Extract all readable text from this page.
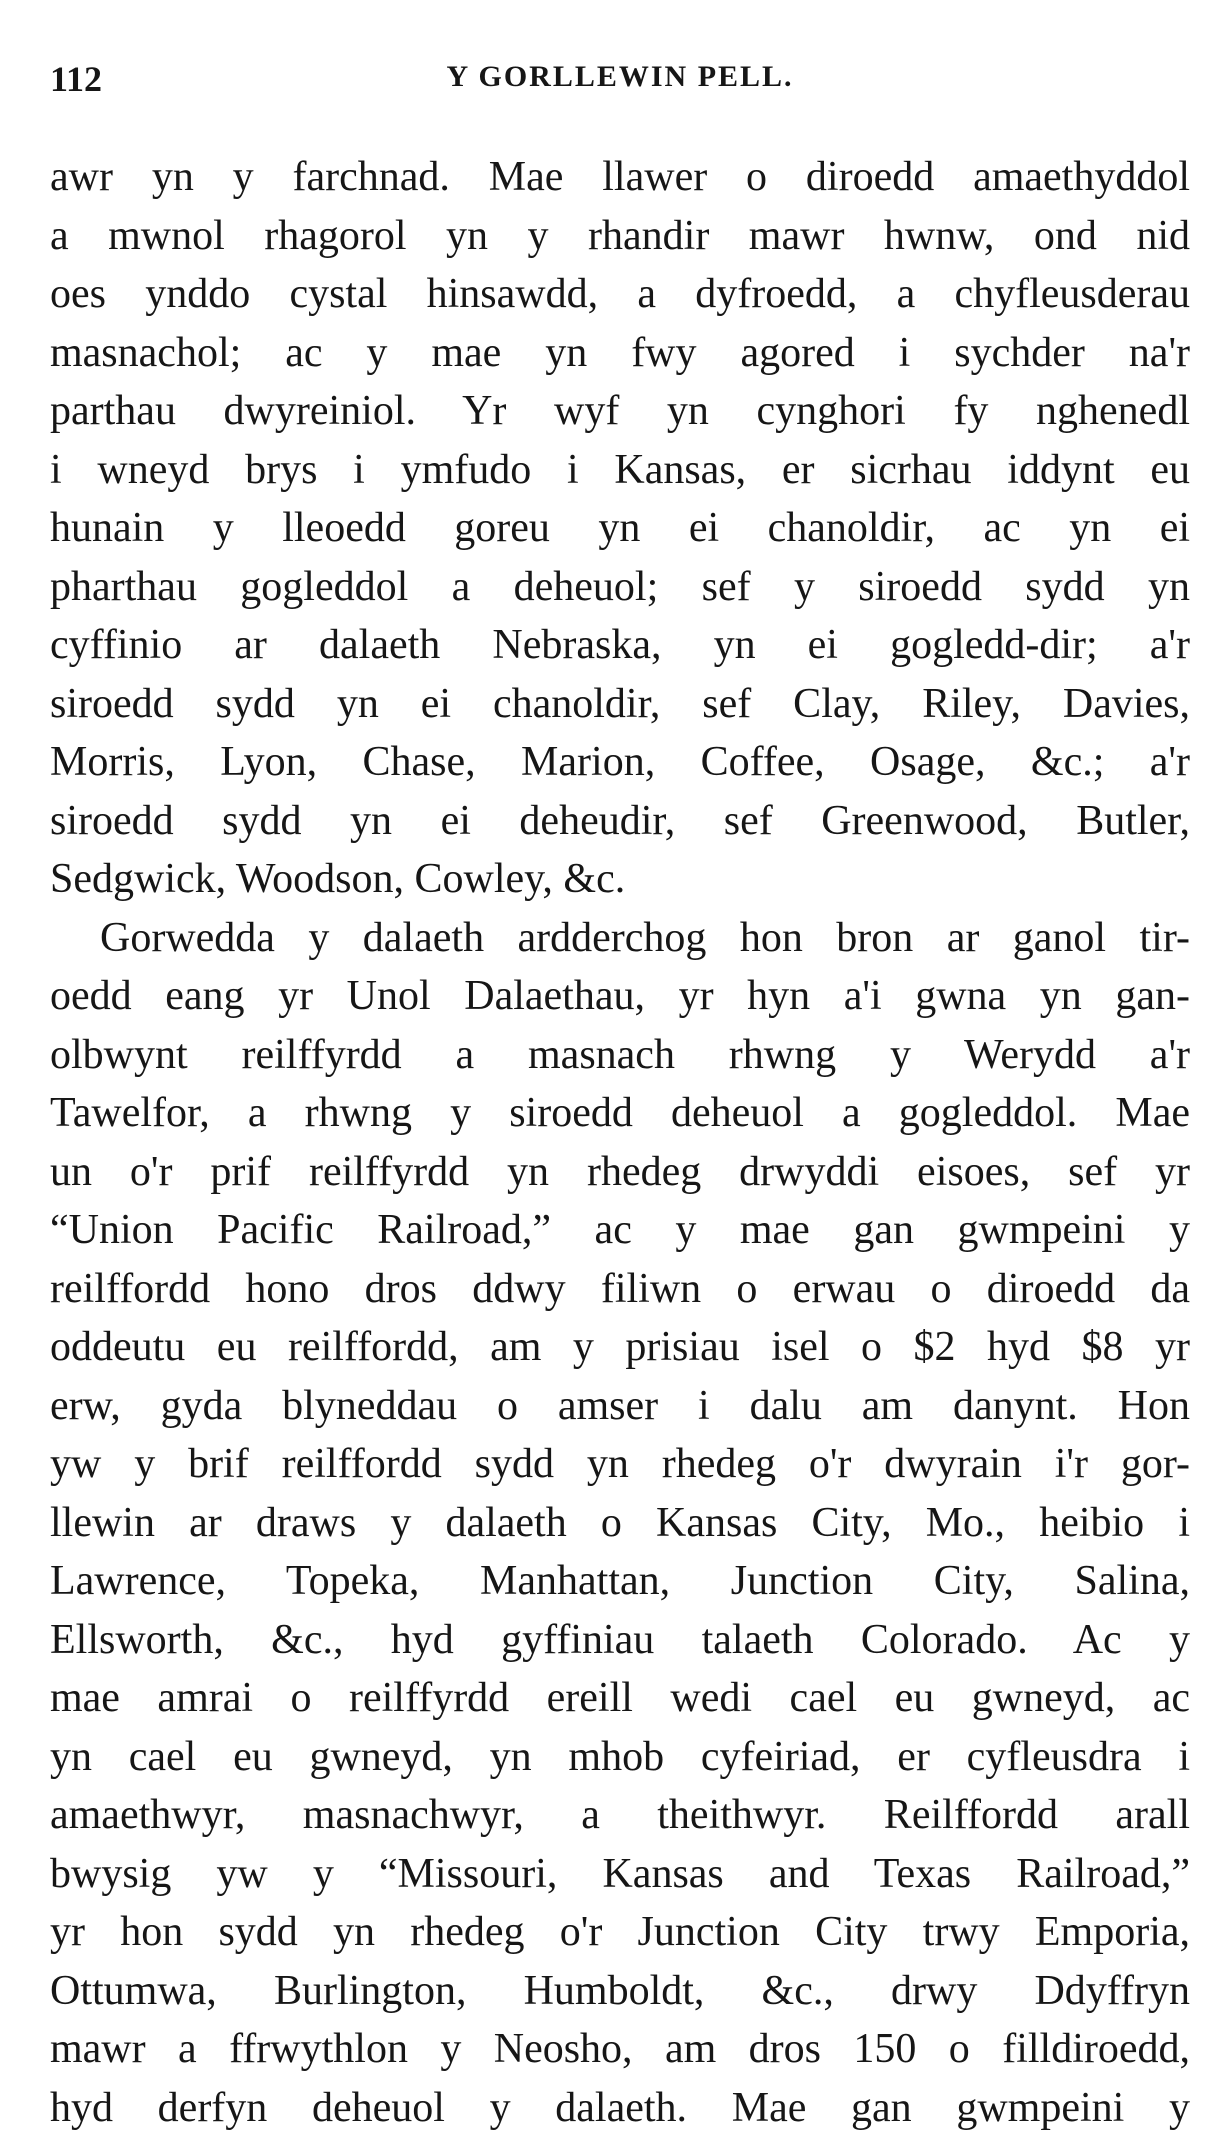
112	Y GORLLEWIN PELL.
awr yn y farchnad. Mae llawer o diroedd amaethyddol
a mwnol rhagorol yn y rhandir mawr hwnw, ond nid
oes ynddo cystal hinsawdd, a dyfroedd, a chyfleusderau
masnachol; ac y mae yn fwy agored i sychder na'r
parthau dwyreiniol. Yr wyf yn cynghori fy nghenedl
i wneyd brys i ymfudo i Kansas, er sicrhau iddynt eu
hunain y lleoedd goreu yn ei chanoldir, ac yn ei
pharthau gogleddol a deheuol; sef y siroedd sydd yn
cyffinio ar dalaeth Nebraska, yn ei gogledd-dir; a'r
siroedd sydd yn ei chanoldir, sef Clay, Riley, Davies,
Morris, Lyon, Chase, Marion, Coffee, Osage, &c.; a'r
siroedd sydd yn ei deheudir, sef Greenwood, Butler,
Sedgwick, Woodson, Cowley, &c.
Gorwedda y dalaeth ardderchog hon bron ar ganol tir-
oedd eang yr Unol Dalaethau, yr hyn a'i gwna yn gan-
olbwynt reilffyrdd a masnach rhwng y Werydd a'r
Tawelfor, a rhwng y siroedd deheuol a gogleddol. Mae
un o'r prif reilffyrdd yn rhedeg drwyddi eisoes, sef yr
“Union Pacific Railroad,” ac y mae gan gwmpeini y
reilffordd hono dros ddwy filiwn o erwau o diroedd da
oddeutu eu reilffordd, am y prisiau isel o $2 hyd $8 yr
erw, gyda blyneddau o amser i dalu am danynt. Hon
yw y brif reilffordd sydd yn rhedeg o'r dwyrain i'r gor-
llewin ar draws y dalaeth o Kansas City, Mo., heibio i
Lawrence, Topeka, Manhattan, Junction City, Salina,
Ellsworth, &c., hyd gyffiniau talaeth Colorado. Ac y
mae amrai o reilffyrdd ereill wedi cael eu gwneyd, ac
yn cael eu gwneyd, yn mhob cyfeiriad, er cyfleusdra i
amaethwyr, masnachwyr, a theithwyr. Reilffordd arall
bwysig yw y “Missouri, Kansas and Texas Railroad,”
yr hon sydd yn rhedeg o'r Junction City trwy Emporia,
Ottumwa, Burlington, Humboldt, &c., drwy Ddyffryn
mawr a ffrwythlon y Neosho, am dros 150 o filldiroedd,
hyd derfyn deheuol y dalaeth. Mae gan gwmpeini y
